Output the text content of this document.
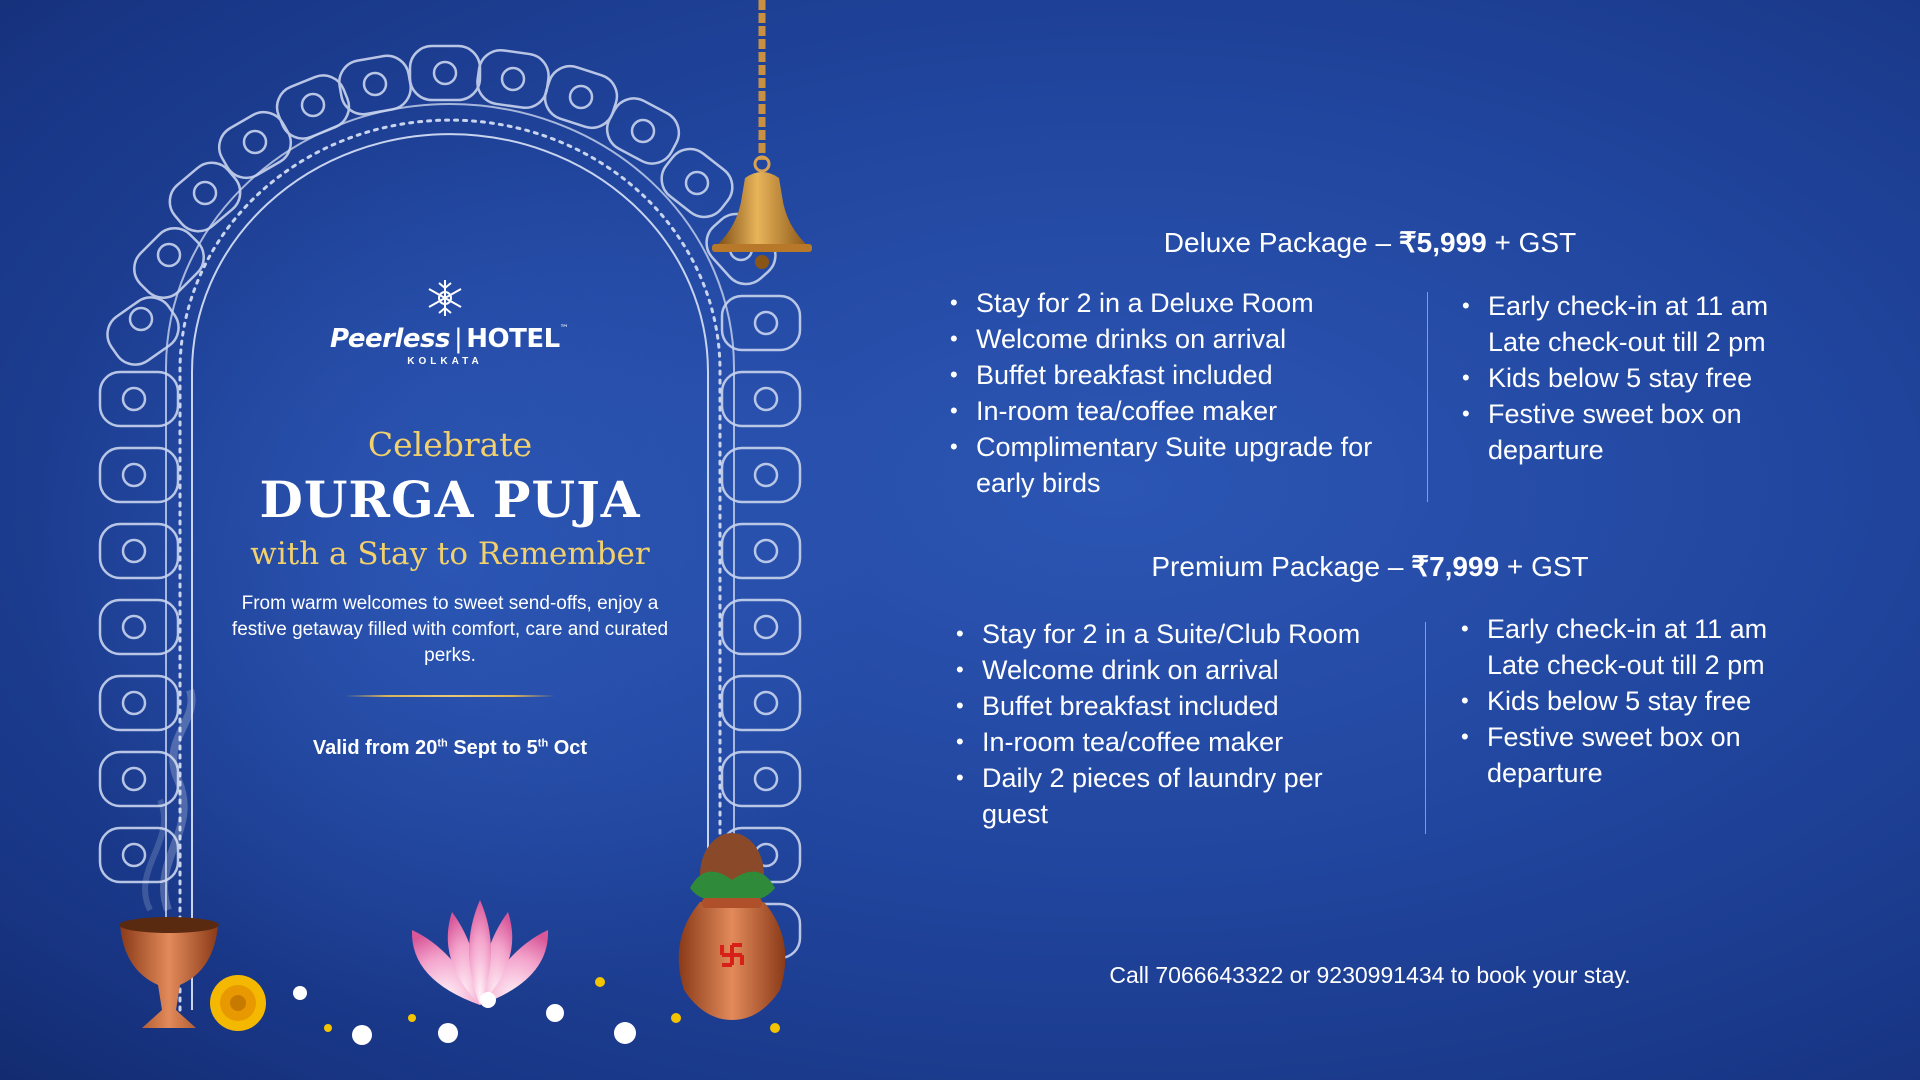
Peerless | HOTEL™
KOLKATA
Celebrate
DURGA PUJA
with a Stay to Remember
From warm welcomes to sweet send-offs, enjoy a festive getaway filled with comfort, care and curated perks.
Valid from 20th Sept to 5th Oct
Deluxe Package – ₹5,999 + GST
• Stay for 2 in a Deluxe Room
• Welcome drinks on arrival
• Buffet breakfast included
• In-room tea/coffee maker
• Complimentary Suite upgrade for early birds
• Early check-in at 11 am Late check-out till 2 pm
• Kids below 5 stay free
• Festive sweet box on departure
Premium Package – ₹7,999 + GST
• Stay for 2 in a Suite/Club Room
• Welcome drink on arrival
• Buffet breakfast included
• In-room tea/coffee maker
• Daily 2 pieces of laundry per guest
• Early check-in at 11 am Late check-out till 2 pm
• Kids below 5 stay free
• Festive sweet box on departure
Call 7066643322 or 9230991434 to book your stay.
